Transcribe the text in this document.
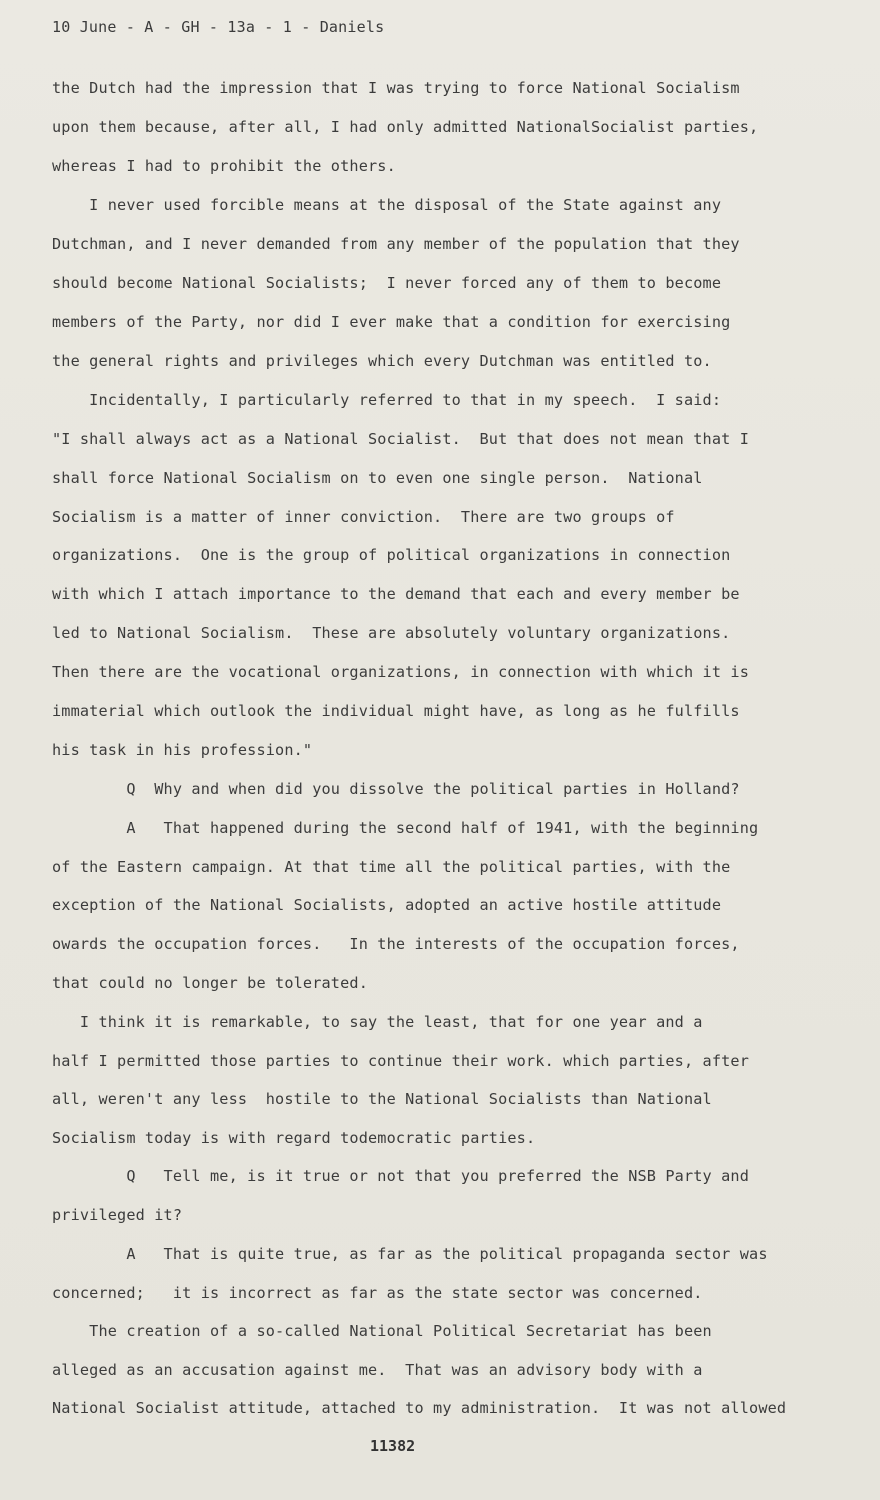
10 June - A - GH - 13a - 1 - Daniels
the Dutch had the impression that I was trying to force National Socialism
upon them because, after all, I had only admitted NationalSocialist parties,
whereas I had to prohibit the others.
I never used forcible means at the disposal of the State against any
Dutchman, and I never demanded from any member of the population that they
should become National Socialists;  I never forced any of them to become
members of the Party, nor did I ever make that a condition for exercising
the general rights and privileges which every Dutchman was entitled to.
Incidentally, I particularly referred to that in my speech.  I said:
"I shall always act as a National Socialist.  But that does not mean that I
shall force National Socialism on to even one single person.  National
Socialism is a matter of inner conviction.  There are two groups of
organizations.  One is the group of political organizations in connection
with which I attach importance to the demand that each and every member be
led to National Socialism.  These are absolutely voluntary organizations.
Then there are the vocational organizations, in connection with which it is
immaterial which outlook the individual might have, as long as he fulfills
his task in his profession."
Q  Why and when did you dissolve the political parties in Holland?
A   That happened during the second half of 1941, with the beginning
of the Eastern campaign. At that time all the political parties, with the
exception of the National Socialists, adopted an active hostile attitude
owards the occupation forces.   In the interests of the occupation forces,
that could no longer be tolerated.
I think it is remarkable, to say the least, that for one year and a
half I permitted those parties to continue their work. which parties, after
all, weren't any less  hostile to the National Socialists than National
Socialism today is with regard todemocratic parties.
Q   Tell me, is it true or not that you preferred the NSB Party and
privileged it?
A   That is quite true, as far as the political propaganda sector was
concerned;   it is incorrect as far as the state sector was concerned.
The creation of a so-called National Political Secretariat has been
alleged as an accusation against me.  That was an advisory body with a
National Socialist attitude, attached to my administration.  It was not allowed
11382
